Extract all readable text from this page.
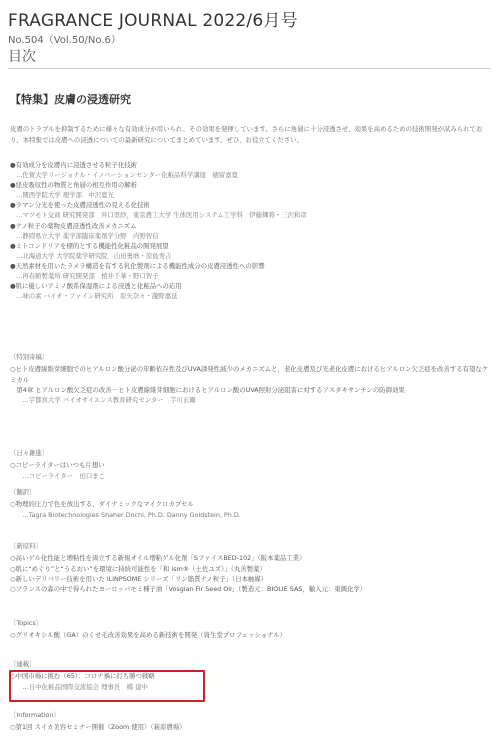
FRAGRANCE JOURNAL 2022/6月号
No.504（Vol.50/No.6）
目次
【特集】皮膚の浸透研究
皮膚のトラブルを抑制するために様々な有効成分が用いられ、その効果を発揮しています。さらに角層に十分浸透させ、効果を高めるための技術開発が試みられており、本特集では皮膚への浸透についての最新研究についてまとめています。ぜひ、お役立てください。
●有効成分を皮膚内に浸透させる粒子化技術
…佐賀大学リージョナル・イノベーションセンター化粧品科学講座　徳留嘉寛
●経皮吸収性の物質と角層の相互作用の解析
…関西学院大学 理学部　中沢寛光
●ラマン分光を使った皮膚浸透性の見える化技術
…マツモト交商 研究開発部　井口里紗，東京農工大学 生体医用システム工学科　伊藤輝将・三沢和彦
●ナノ粒子の薬物皮膚浸透性改善メカニズム
…静岡県立大学 薬学部臨床薬剤学分野　内野智信
●ミトコンドリアを標的とする機能性化粧品の開発展望
…北海道大学 大学院薬学研究院　山田勇磨・原島秀吉
●天然素材を用いたラメラ構造を有する乳化製剤による機能性成分の皮膚浸透性への影響
…再春館製薬所 研究開発部　植井千華・野口智子
●肌に優しいアミノ酸系保湿剤による浸透と化粧品への応用
…味の素 バイオ・ファイン研究所　原矢奈々・瀧野嘉延
〔特別寄稿〕
○ヒト皮膚線維芽細胞でのヒアルロン酸分泌の年齢依存性及びUVA誘発性減少のメカニズムと，老化皮膚及び光老化皮膚におけるヒアルロン欠乏症を改善する有望なケミカル
　第4章 ヒアルロン酸欠乏症の改善－ヒト皮膚線維芽細胞におけるヒアルロン酸のUVA照射分泌阻害に対するアスタキサンチンの防御効果
　…宇都宮大学 バイオサイエンス教育研究センター　芋川玄爾
〔日々雑進〕
○コピーライターはいつも片想い
　…コピーライター　田口まこ
〔翻訳〕
○物理的圧力で色を放出する、ダイナミックなマイクロカプセル
　…Tagra Biotechnologies Shaher Dochi, Ph.D. Danny Goldstein, Ph.D.
〔新原料〕
○高いゲル化性能と増粘性を両立する新規オイル増粘ゲル化剤「SファイスBED-102」（阪本薬品工業）
○肌に“めぐり”と“うるおい”を環境に持続可能性を「和 ism®（土佐ユズ）」（丸善製薬）
○新しいデリバリー技術を用いた iLiNPSOME シリーズ「リン脂質ナノ粒子」（日本触媒）
○フランスの森の中で得られたヨーロッパモミ種子油「Vosgian Fir Seed Oil」（製造元：BIOLIE SAS，輸入元：東興化学）
〔Topics〕
○グリオキシル酸（GA）のくせ毛改善効果を高める新技術を開発（資生堂プロフェッショナル）
〔連載〕
○中国市場に挑む（65）：コロナ禍に打ち勝つ戦略
　…日中化粧品国際交流協会 理事長　橋 建中
〔Information〕
○第1回 スイカ美容セミナー開催（Zoom 使用）（萩原農場）
